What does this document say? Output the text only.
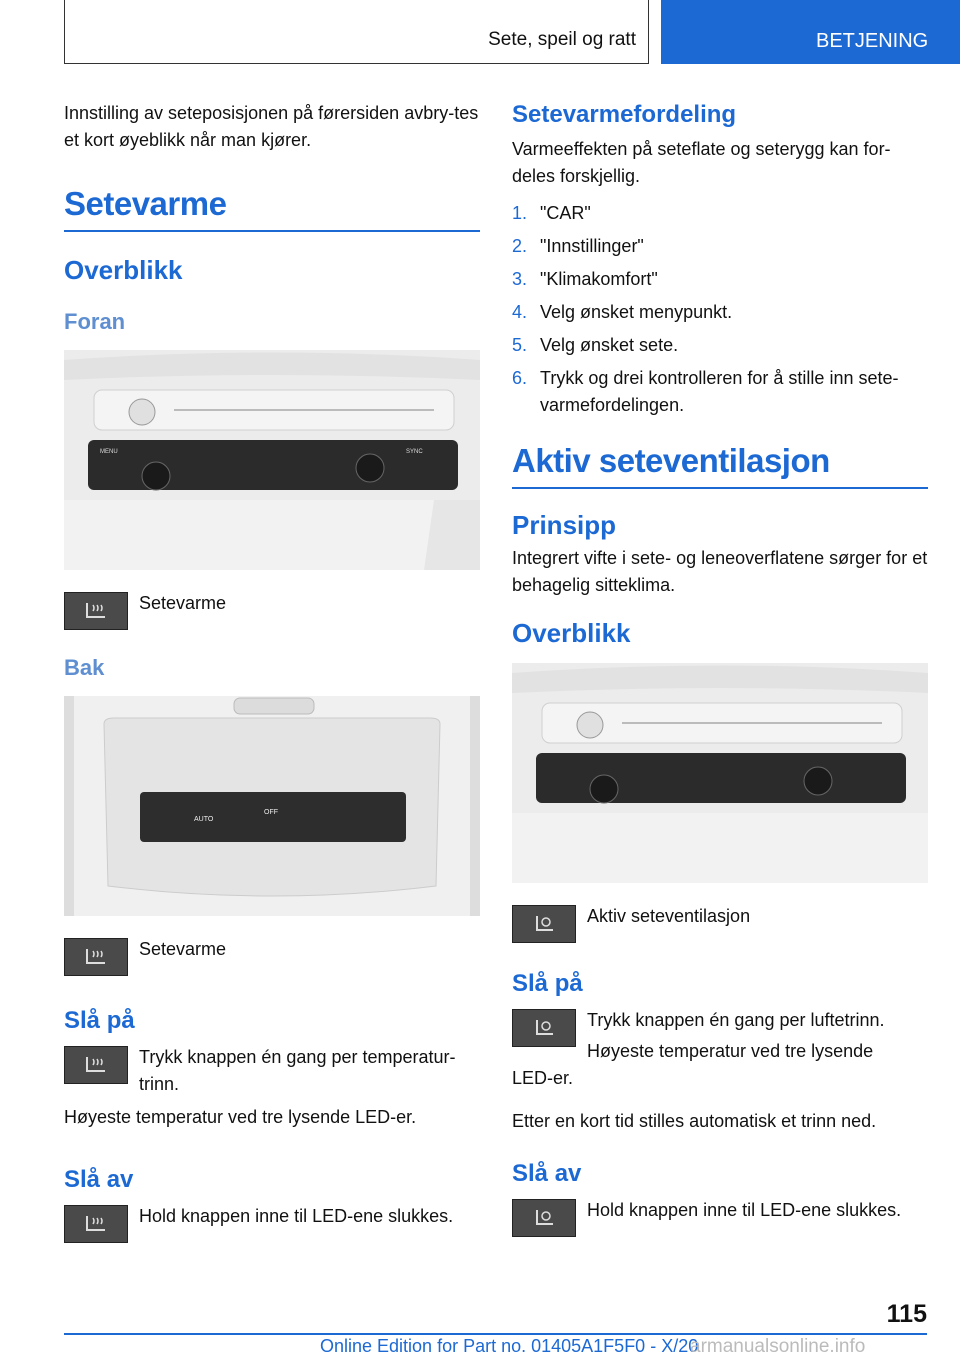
Sete, speil og ratt	BETJENING

Innstilling av seteposisjonen på førersiden avbry-tes et kort øyeblikk når man kjører.

Setevarme
Overblikk
Foran
MENU	SYNC
Setevarme
Bak
AUTO
OFF
Setevarme
Slå på
Trykk knappen én gang per temperatur-trinn.

Høyeste temperatur ved tre lysende LED-er.

Slå av
Hold knappen inne til LED-ene slukkes.
Setevarmefordeling

Varmeeffekten på seteflate og seterygg kan for-deles forskjellig.

1. "CAR"
2. "Innstillinger"
3. "Klimakomfort"
4. Velg ønsket menypunkt.
5. Velg ønsket sete.
6. Trykk og drei kontrolleren for å stille inn sete-varmefordelingen.
Aktiv seteventilasjon
Prinsipp

Integrert vifte i sete- og leneoverflatene sørger for et behagelig sitteklima.

Overblikk
Aktiv seteventilasjon
Slå på
Trykk knappen én gang per luftetrinn.
Høyeste temperatur ved tre lysende

LED-er.

Etter en kort tid stilles automatisk et trinn ned.

Slå av
Hold knappen inne til LED-ene slukkes.
115
Online Edition for Part no. 01405A1F5F0 - X/20
armanualsonline.info
